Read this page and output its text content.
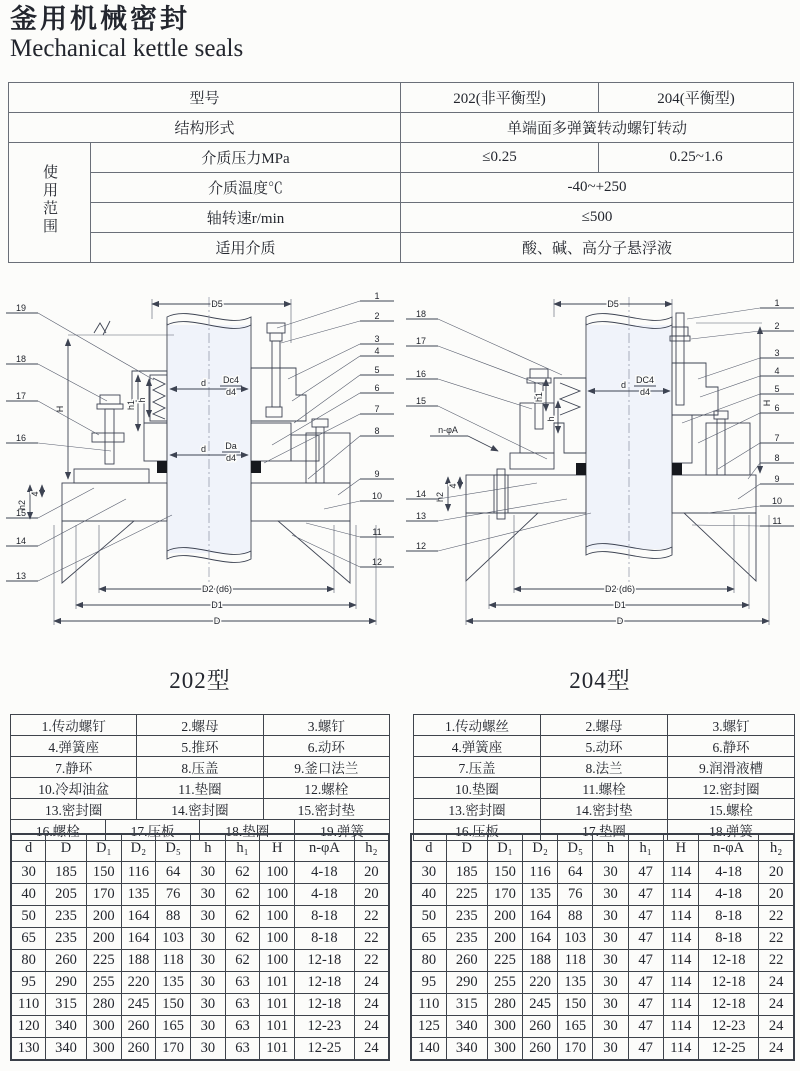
釜用机械密封
Mechanical kettle seals
型号		202(非平衡型)	204(平衡型)
结构形式		单端面多弹簧转动螺钉转动	
使用范围	介质压力MPa	≤0.25	0.25~1.6
	介质温度℃	-40~+250	
	轴转速r/min	≤500	
	适用介质	酸、碱、高分子悬浮液	
D5
H	h1 h
d Dc4
d4
d Da
d4
D2 (d6)
D1
D
h2
4
1
2
3
4
5
6
7
8
9
10
11
12
19
18
17
16
15
14
13
D5
H
h1
h
d DC4
d4
n-φA
D2 (d6)
D1
D
h2
4
1
2
3
4
5
6
7
8
9
10
11
18
17
16
15
14
13
12
202型	204型
1.传动螺钉		2.螺母		3.螺钉	
4.弹簧座		5.推环		6.动环	
7.静环		8.压盖		9.釜口法兰	
10.冷却油盆		11.垫圈		12.螺栓	
13.密封圈		14.密封圈		15.密封垫	
16.螺栓	17.压板		18.垫圈		19.弹簧
1.传动螺丝	2.螺母	3.螺钉
4.弹簧座	5.动环	6.静环
7.压盖	8.法兰	9.润滑液槽
10.垫圈	11.螺栓	12.密封圈
13.密封圈	14.密封垫	15.螺栓
16.压板	17.垫圈	18.弹簧
d	D	D₁	D₂	D₅	h	h₁	H	n-φA	h₂
30	185	150	116	64	30	62	100	4-18	20
40	205	170	135	76	30	62	100	4-18	20
50	235	200	164	88	30	62	100	8-18	22
65	235	200	164	103	30	62	100	8-18	22
80	260	225	188	118	30	62	100	12-18	22
95	290	255	220	135	30	63	101	12-18	24
110	315	280	245	150	30	63	101	12-18	24
120	340	300	260	165	30	63	101	12-23	24
130	340	300	260	170	30	63	101	12-25	24
d	D	D₁	D₂	D₅	h	h₁	H	n-φA	h₂
30	185	150	116	64	30	47	114	4-18	20
40	225	170	135	76	30	47	114	4-18	20
50	235	200	164	88	30	47	114	8-18	22
65	235	200	164	103	30	47	114	8-18	22
80	260	225	188	118	30	47	114	12-18	22
95	290	255	220	135	30	47	114	12-18	24
110	315	280	245	150	30	47	114	12-18	24
125	340	300	260	165	30	47	114	12-23	24
140	340	300	260	170	30	47	114	12-25	24
